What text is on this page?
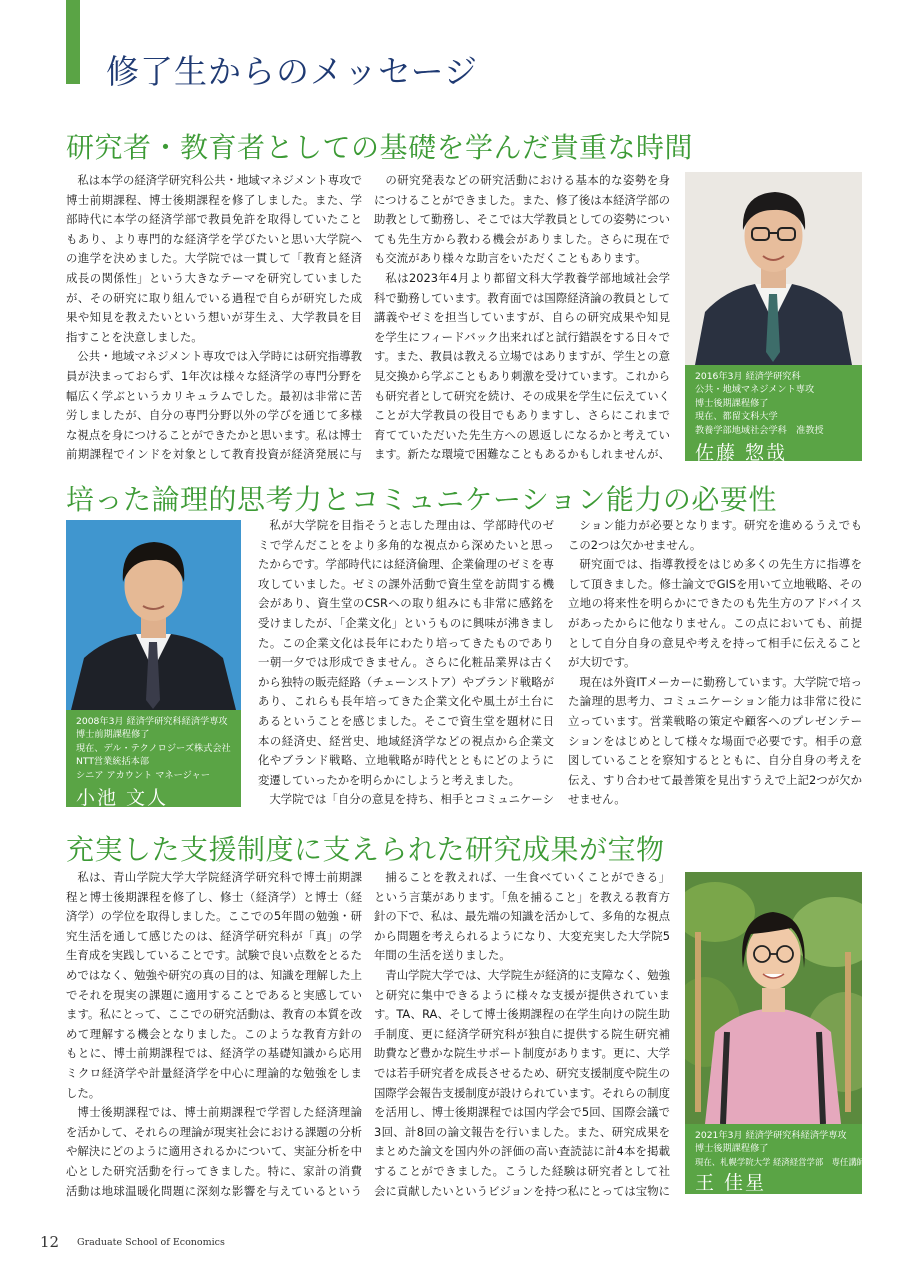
修了生からのメッセージ
研究者・教育者としての基礎を学んだ貴重な時間

私は本学の経済学研究科公共・地域マネジメント専攻で博士前期課程、博士後期課程を修了しました。また、学部時代に本学の経済学部で教員免許を取得していたこともあり、より専門的な経済学を学びたいと思い大学院への進学を決めました。大学院では一貫して「教育と経済成長の関係性」という大きなテーマを研究していましたが、その研究に取り組んでいる過程で自らが研究した成果や知見を教えたいという想いが芽生え、大学教員を目指すことを決意しました。

公共・地域マネジメント専攻では入学時には研究指導教員が決まっておらず、1年次は様々な経済学の専門分野を幅広く学ぶというカリキュラムでした。最初は非常に苦労しましたが、自分の専門分野以外の学びを通じて多様な視点を身につけることができたかと思います。私は博士前期課程でインドを対象として教育投資が経済発展に与

の研究発表などの研究活動における基本的な姿勢を身につけることができました。また、修了後は本経済学部の助教として勤務し、そこでは大学教員としての姿勢についても先生方から教わる機会がありました。さらに現在でも交流があり様々な助言をいただくこともあります。

私は2023年4月より都留文科大学教養学部地域社会学科で勤務しています。教育面では国際経済論の教員として講義やゼミを担当していますが、自らの研究成果や知見を学生にフィードバック出来ればと試行錯誤をする日々です。また、教員は教える立場ではありますが、学生との意見交換から学ぶこともあり刺激を受けています。これからも研究者として研究を続け、その成果を学生に伝えていくことが大学教員の役目でもありますし、さらにこれまで育てていただいた先生方への恩返しになるかと考えています。新たな環境で困難なこともあるかもしれませんが、

2016年3月 経済学研究科
公共・地域マネジメント専攻
博士後期課程修了
現在、都留文科大学
教養学部地域社会学科　准教授
佐藤 惣哉
培った論理的思考力とコミュニケーション能力の必要性
2008年3月 経済学研究科経済学専攻
博士前期課程修了
現在、デル・テクノロジーズ株式会社
NTT営業統括本部
シニア アカウント マネージャー
小池 文人

私が大学院を目指そうと志した理由は、学部時代のゼミで学んだことをより多角的な視点から深めたいと思ったからです。学部時代には経済倫理、企業倫理のゼミを専攻していました。ゼミの課外活動で資生堂を訪問する機会があり、資生堂のCSRへの取り組みにも非常に感銘を受けましたが、「企業文化」というものに興味が沸きました。この企業文化は長年にわたり培ってきたものであり一朝一夕では形成できません。さらに化粧品業界は古くから独特の販売経路（チェーンストア）やブランド戦略があり、これらも長年培ってきた企業文化や風土が土台にあるということを感じました。そこで資生堂を題材に日本の経済史、経営史、地域経済学などの視点から企業文化やブランド戦略、立地戦略が時代とともにどのように変遷していったかを明らかにしようと考えました。

大学院では「自分の意見を持ち、相手とコミュニケーシ

ション能力が必要となります。研究を進めるうえでもこの2つは欠かせません。

研究面では、指導教授をはじめ多くの先生方に指導をして頂きました。修士論文でGISを用いて立地戦略、その立地の将来性を明らかにできたのも先生方のアドバイスがあったからに他なりません。この点においても、前提として自分自身の意見や考えを持って相手に伝えることが大切です。

現在は外資ITメーカーに勤務しています。大学院で培った論理的思考力、コミュニケーション能力は非常に役に立っています。営業戦略の策定や顧客へのプレゼンテーションをはじめとして様々な場面で必要です。相手の意図していることを察知するとともに、自分自身の考えを伝え、すり合わせて最善策を見出すうえで上記2つが欠かせません。

充実した支援制度に支えられた研究成果が宝物

私は、青山学院大学大学院経済学研究科で博士前期課程と博士後期課程を修了し、修士（経済学）と博士（経済学）の学位を取得しました。ここでの5年間の勉強・研究生活を通して感じたのは、経済学研究科が「真」の学生育成を実践していることです。試験で良い点数をとるためではなく、勉強や研究の真の目的は、知識を理解した上でそれを現実の課題に適用することであると実感しています。私にとって、ここでの研究活動は、教育の本質を改めて理解する機会となりました。このような教育方針のもとに、博士前期課程では、経済学の基礎知識から応用ミクロ経済学や計量経済学を中心に理論的な勉強をしました。

博士後期課程では、博士前期課程で学習した経済理論を活かして、それらの理論が現実社会における課題の分析や解決にどのように適用されるかについて、実証分析を中心とした研究活動を行ってきました。特に、家計の消費活動は地球温暖化問題に深刻な影響を与えているという

捕ることを教えれば、一生食べていくことができる」という言葉があります。「魚を捕ること」を教える教育方針の下で、私は、最先端の知識を活かして、多角的な視点から問題を考えられるようになり、大変充実した大学院5年間の生活を送りました。

青山学院大学では、大学院生が経済的に支障なく、勉強と研究に集中できるように様々な支援が提供されています。TA、RA、そして博士後期課程の在学生向けの院生助手制度、更に経済学研究科が独自に提供する院生研究補助費など豊かな院生サポート制度があります。更に、大学では若手研究者を成長させるため、研究支援制度や院生の国際学会報告支援制度が設けられています。それらの制度を活用し、博士後期課程では国内学会で5回、国際会議で3回、計8回の論文報告を行いました。また、研究成果をまとめた論文を国内外の評価の高い査読誌に計4本を掲載することができました。こうした経験は研究者として社会に貢献したいというビジョンを持つ私にとっては宝物に

2021年3月 経済学研究科経済学専攻
博士後期課程修了
現在、札幌学院大学 経済経営学部　専任講師
王 佳星
12 Graduate School of Economics
